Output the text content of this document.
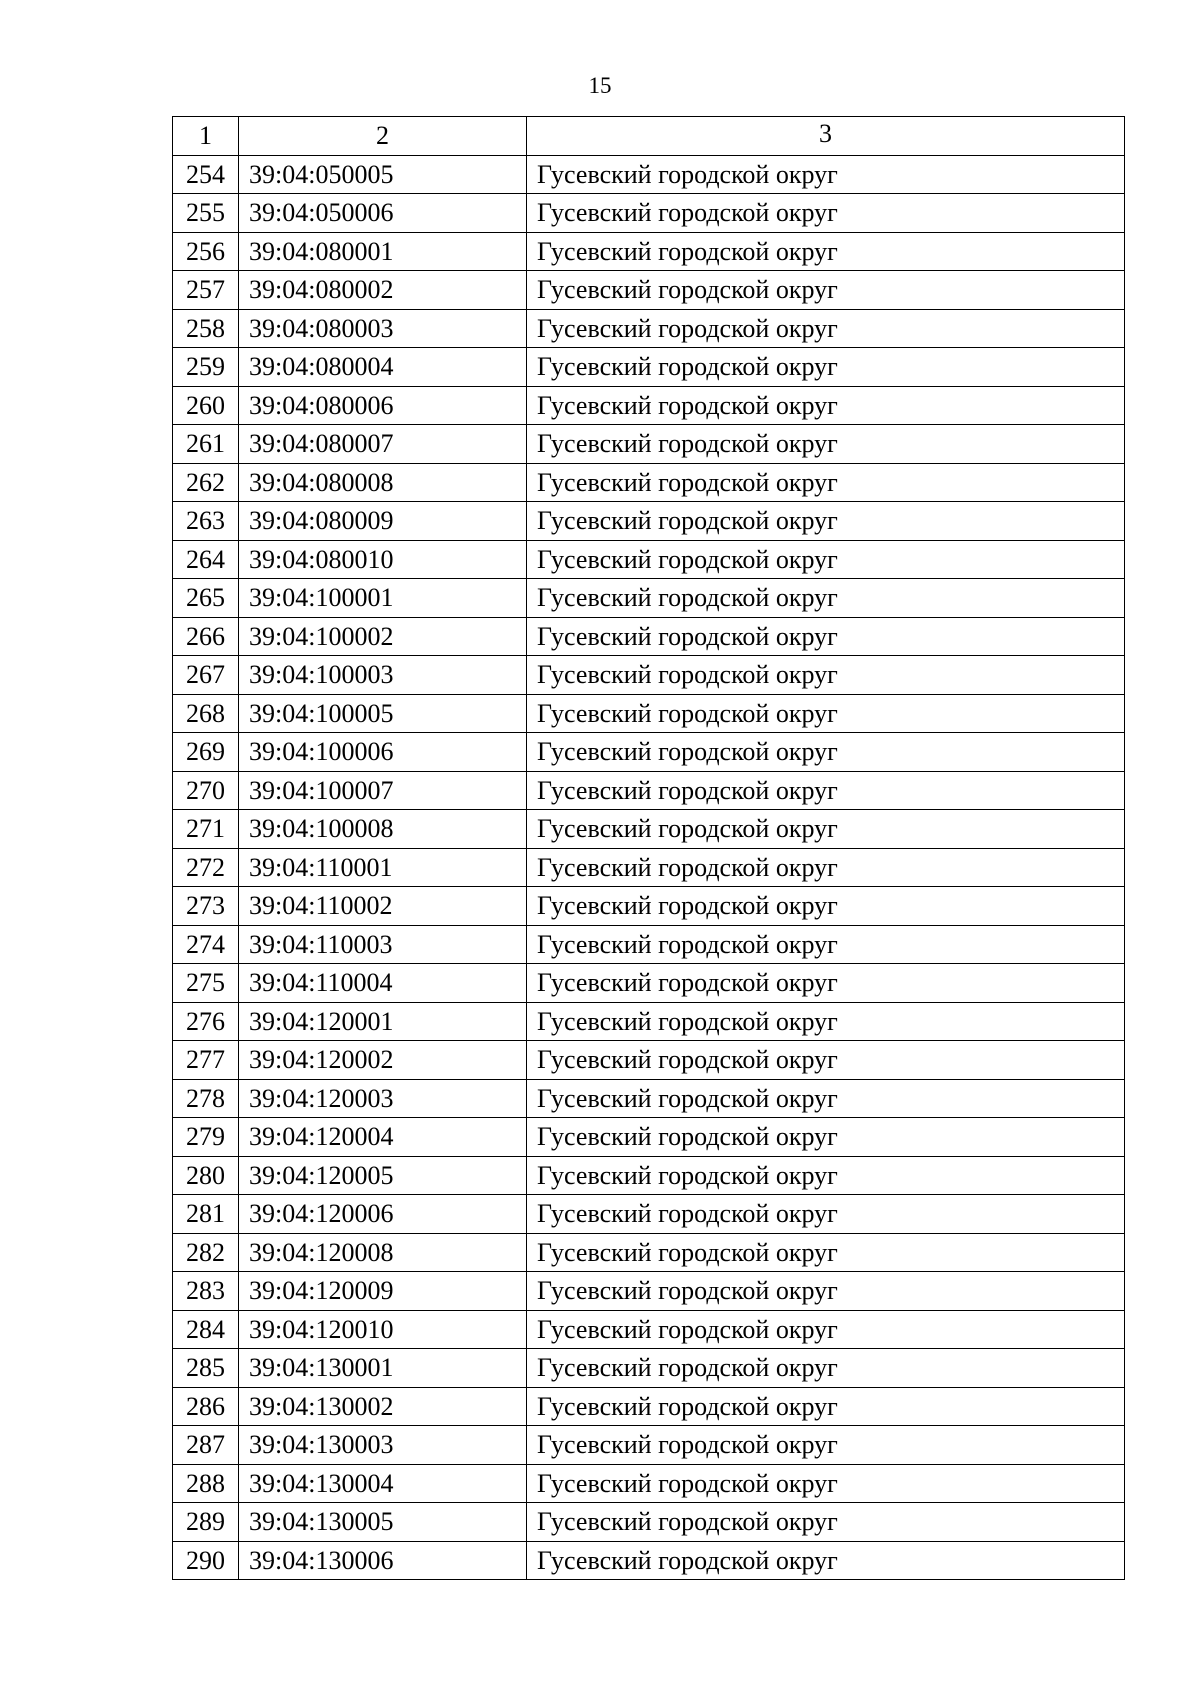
15
1	2	3
254	39:04:050005	Гусевский городской округ
255	39:04:050006	Гусевский городской округ
256	39:04:080001	Гусевский городской округ
257	39:04:080002	Гусевский городской округ
258	39:04:080003	Гусевский городской округ
259	39:04:080004	Гусевский городской округ
260	39:04:080006	Гусевский городской округ
261	39:04:080007	Гусевский городской округ
262	39:04:080008	Гусевский городской округ
263	39:04:080009	Гусевский городской округ
264	39:04:080010	Гусевский городской округ
265	39:04:100001	Гусевский городской округ
266	39:04:100002	Гусевский городской округ
267	39:04:100003	Гусевский городской округ
268	39:04:100005	Гусевский городской округ
269	39:04:100006	Гусевский городской округ
270	39:04:100007	Гусевский городской округ
271	39:04:100008	Гусевский городской округ
272	39:04:110001	Гусевский городской округ
273	39:04:110002	Гусевский городской округ
274	39:04:110003	Гусевский городской округ
275	39:04:110004	Гусевский городской округ
276	39:04:120001	Гусевский городской округ
277	39:04:120002	Гусевский городской округ
278	39:04:120003	Гусевский городской округ
279	39:04:120004	Гусевский городской округ
280	39:04:120005	Гусевский городской округ
281	39:04:120006	Гусевский городской округ
282	39:04:120008	Гусевский городской округ
283	39:04:120009	Гусевский городской округ
284	39:04:120010	Гусевский городской округ
285	39:04:130001	Гусевский городской округ
286	39:04:130002	Гусевский городской округ
287	39:04:130003	Гусевский городской округ
288	39:04:130004	Гусевский городской округ
289	39:04:130005	Гусевский городской округ
290	39:04:130006	Гусевский городской округ
